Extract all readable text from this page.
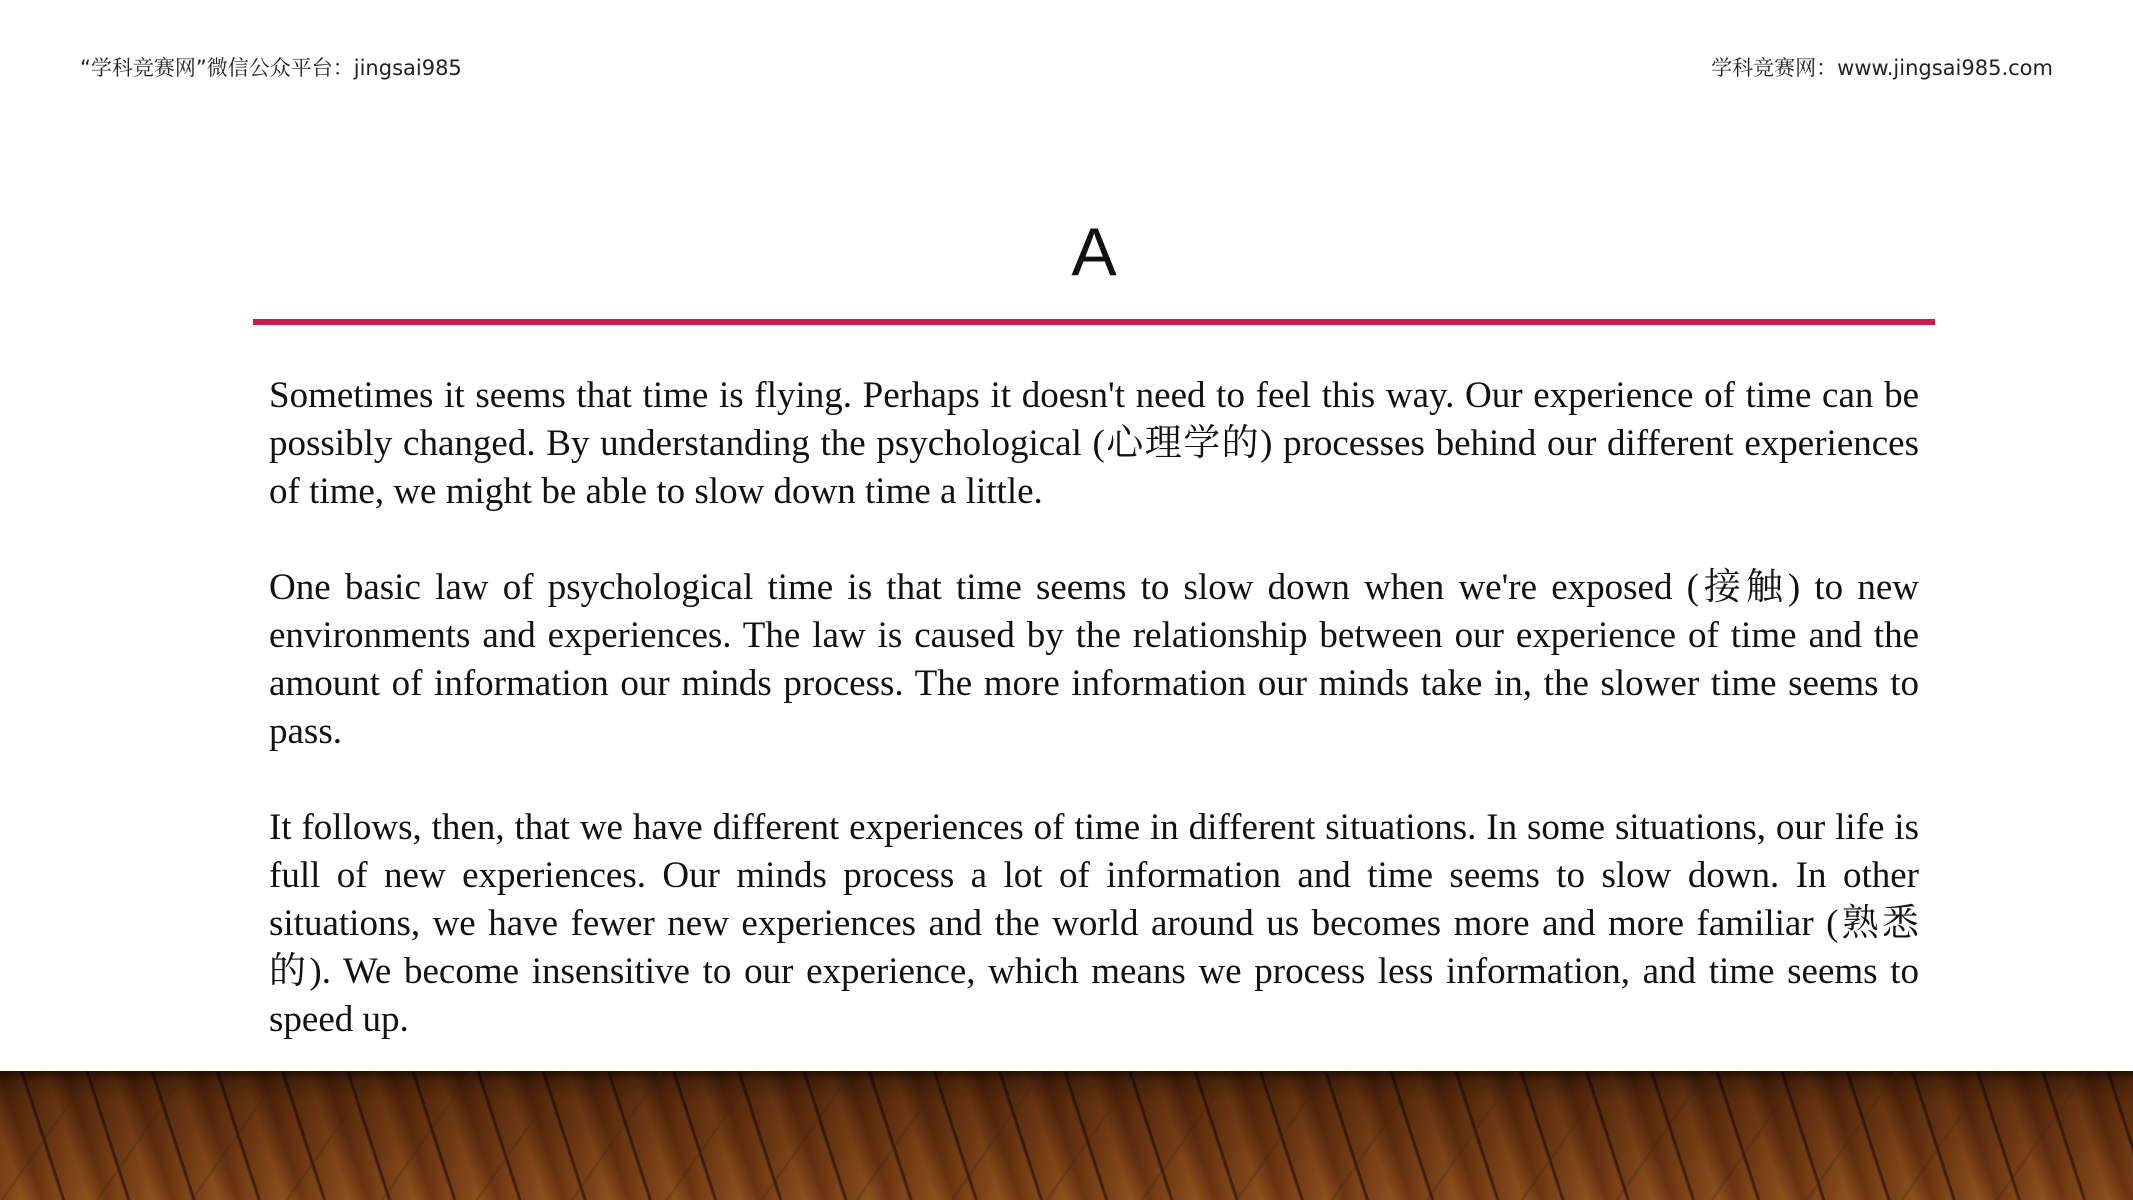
“学科竞赛网”微信公众平台：jingsai985	学科竞赛网：www.jingsai985.com
A

Sometimes it seems that time is flying. Perhaps it doesn't need to feel this way. Our experience of time can be possibly changed. By understanding the psychological (心理学的) processes behind our different experiences of time, we might be able to slow down time a little.

One basic law of psychological time is that time seems to slow down when we're exposed (接触) to new environments and experiences. The law is caused by the relationship between our experience of time and the amount of information our minds process. The more information our minds take in, the slower time seems to pass.

It follows, then, that we have different experiences of time in different situations. In some situations, our life is full of new experiences. Our minds process a lot of information and time seems to slow down. In other situations, we have fewer new experiences and the world around us becomes more and more familiar (熟悉的). We become insensitive to our experience, which means we process less information, and time seems to speed up.
